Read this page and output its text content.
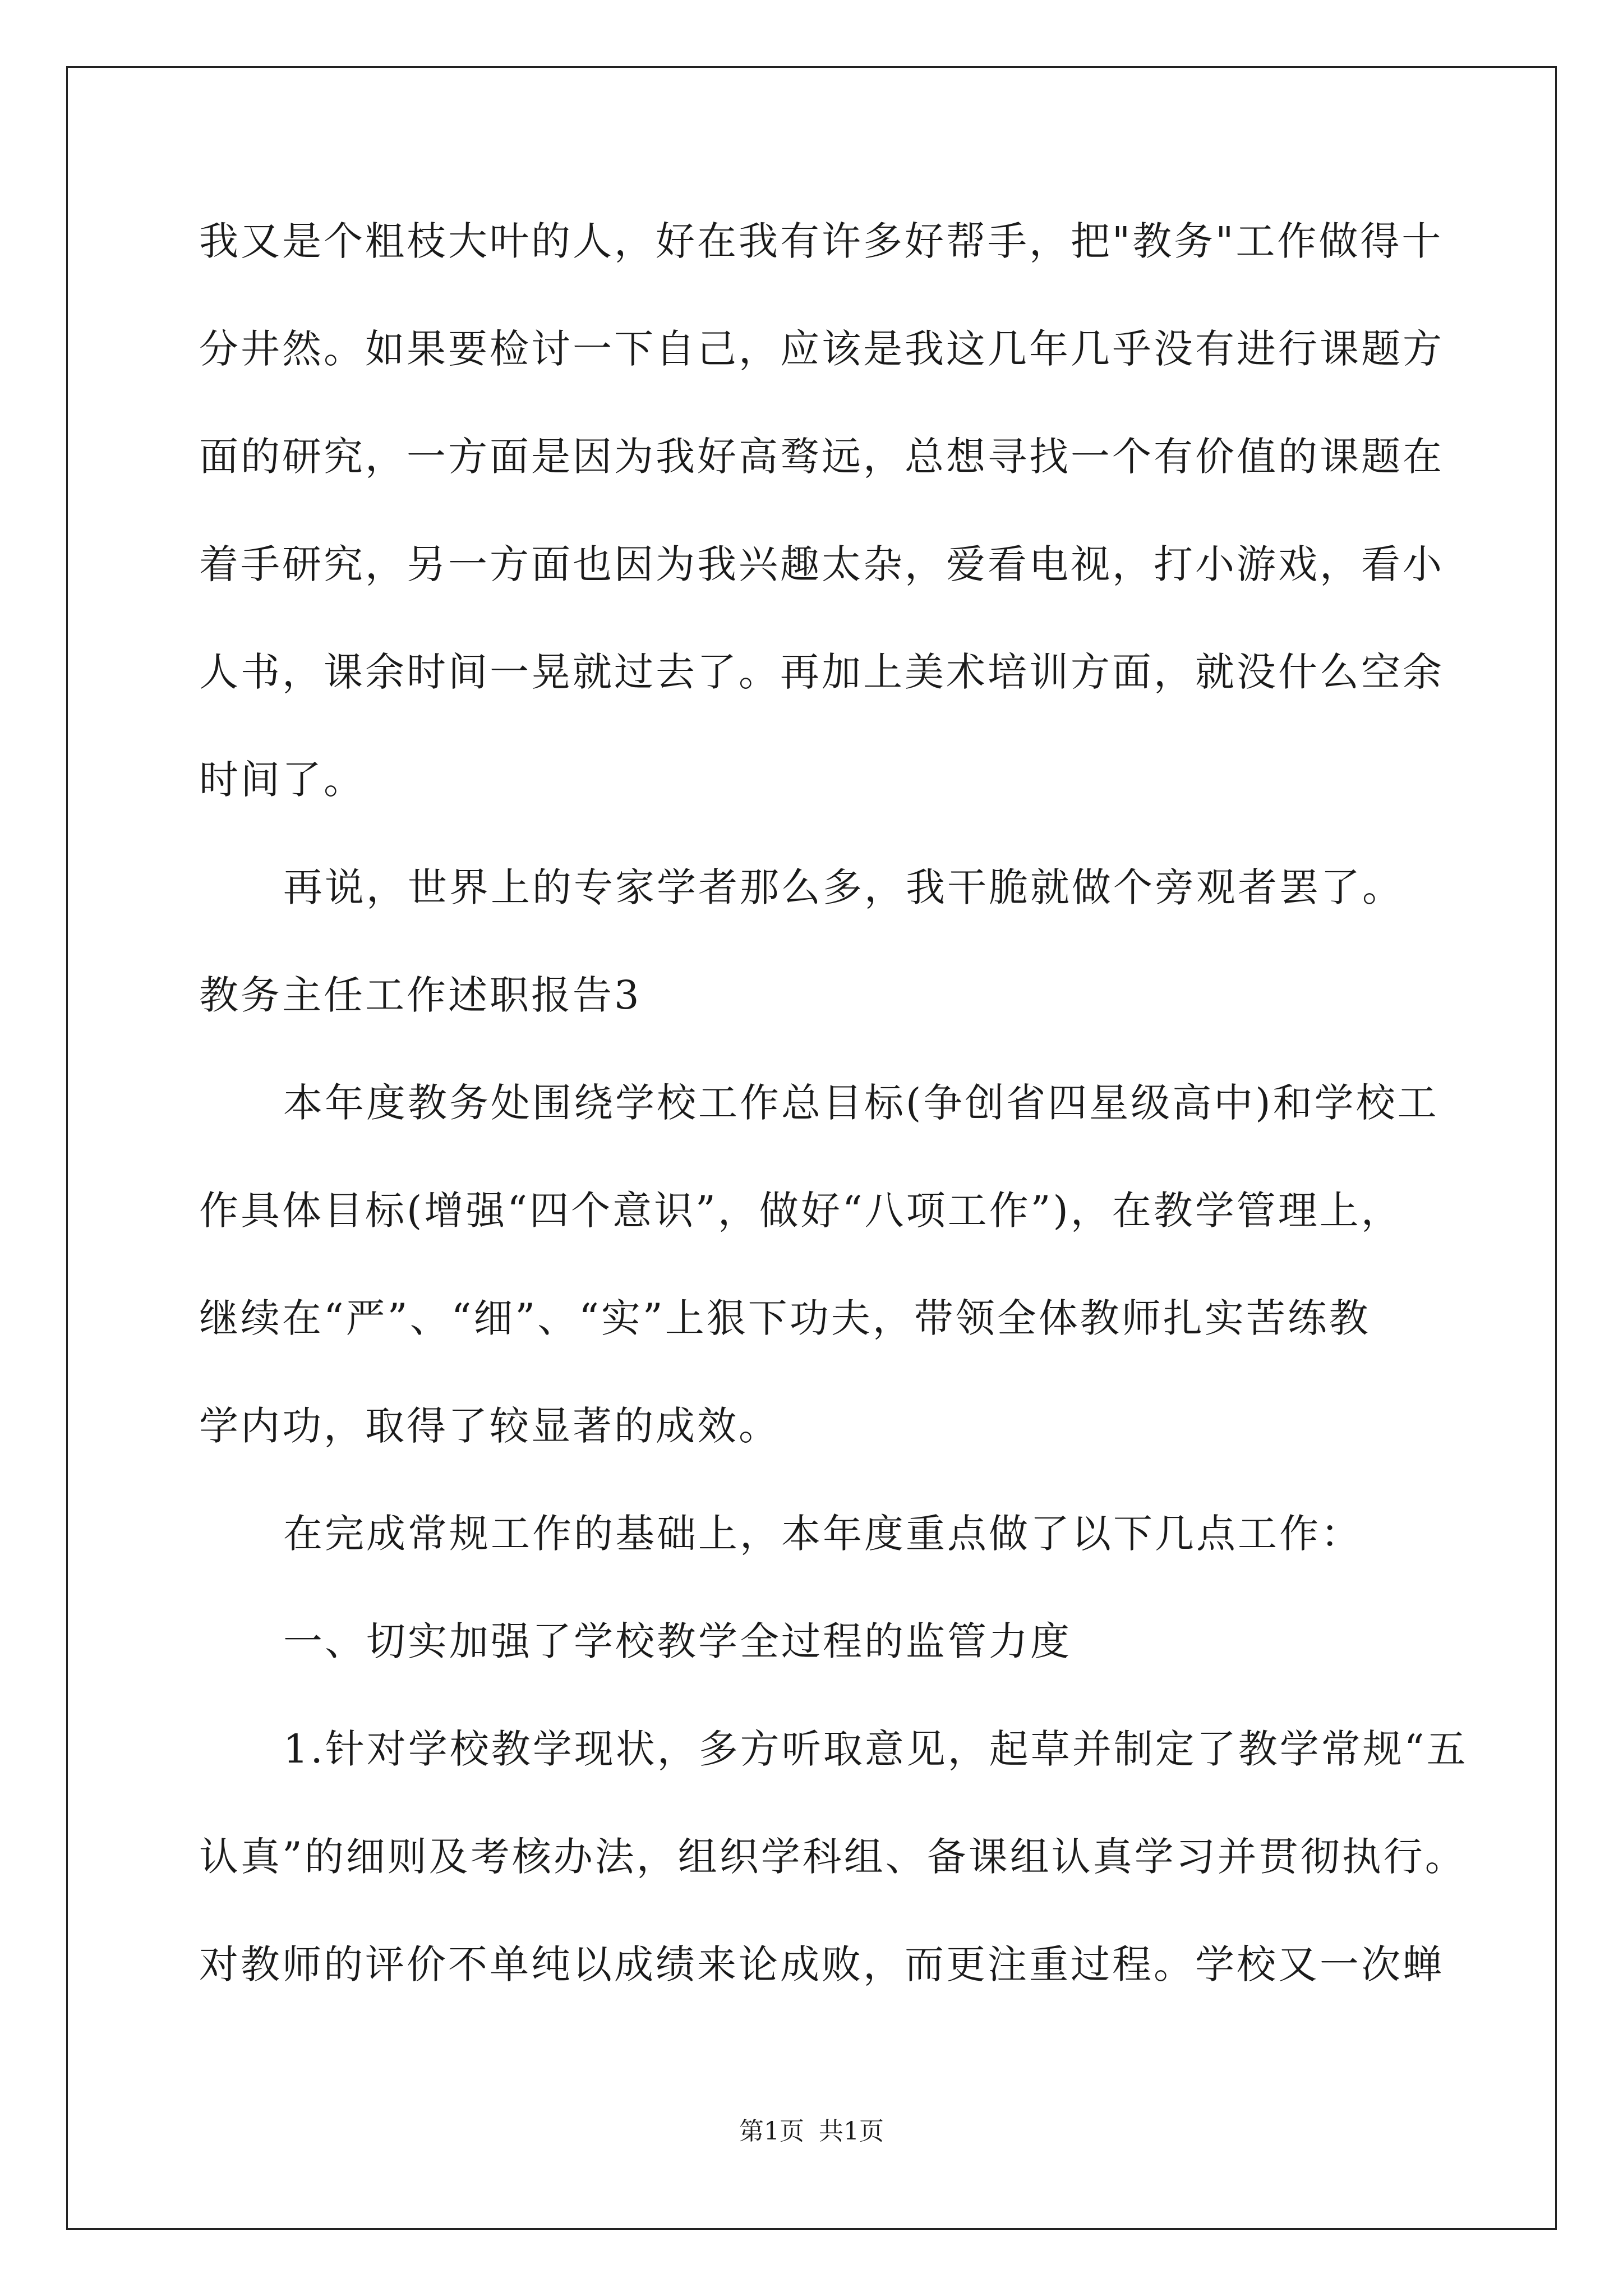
我又是个粗枝大叶的人，好在我有许多好帮手，把"教务"工作做得十
分井然。如果要检讨一下自己，应该是我这几年几乎没有进行课题方
面的研究，一方面是因为我好高骛远，总想寻找一个有价值的课题在
着手研究，另一方面也因为我兴趣太杂，爱看电视，打小游戏，看小
人书，课余时间一晃就过去了。再加上美术培训方面，就没什么空余
时间了。
再说，世界上的专家学者那么多，我干脆就做个旁观者罢了。
教务主任工作述职报告3
本年度教务处围绕学校工作总目标(争创省四星级高中)和学校工
作具体目标(增强“四个意识”，做好“八项工作”)，在教学管理上，
继续在“严”、“细”、“实”上狠下功夫，带领全体教师扎实苦练教
学内功，取得了较显著的成效。
在完成常规工作的基础上，本年度重点做了以下几点工作：
一、切实加强了学校教学全过程的监管力度
1.针对学校教学现状，多方听取意见，起草并制定了教学常规“五
认真”的细则及考核办法，组织学科组、备课组认真学习并贯彻执行。
对教师的评价不单纯以成绩来论成败，而更注重过程。学校又一次蝉
第1页 共1页
